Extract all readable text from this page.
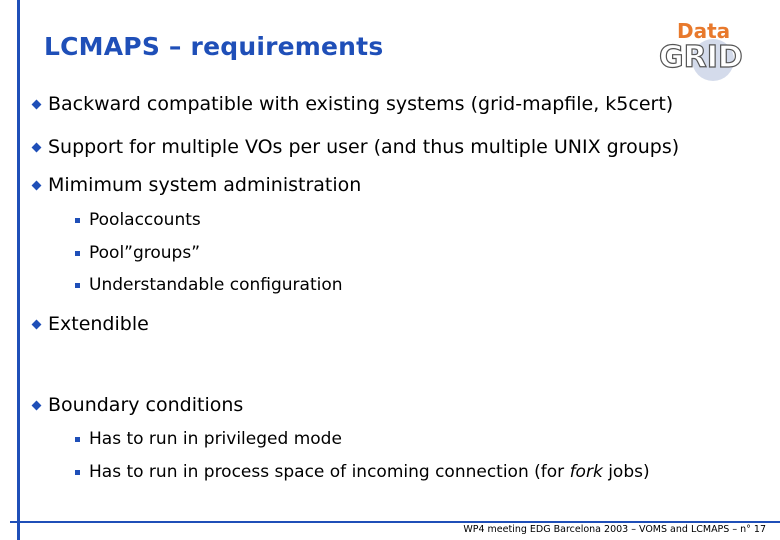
LCMAPS – requirements
Data
GRID
Backward compatible with existing systems (grid-mapfile, k5cert)
Support for multiple VOs per user (and thus multiple UNIX groups)
Mimimum system administration
Poolaccounts
Pool”groups”
Understandable configuration
Extendible
Boundary conditions
Has to run in privileged mode
Has to run in process space of incoming connection (for fork jobs)
WP4 meeting EDG Barcelona 2003 – VOMS and LCMAPS – n° 17
